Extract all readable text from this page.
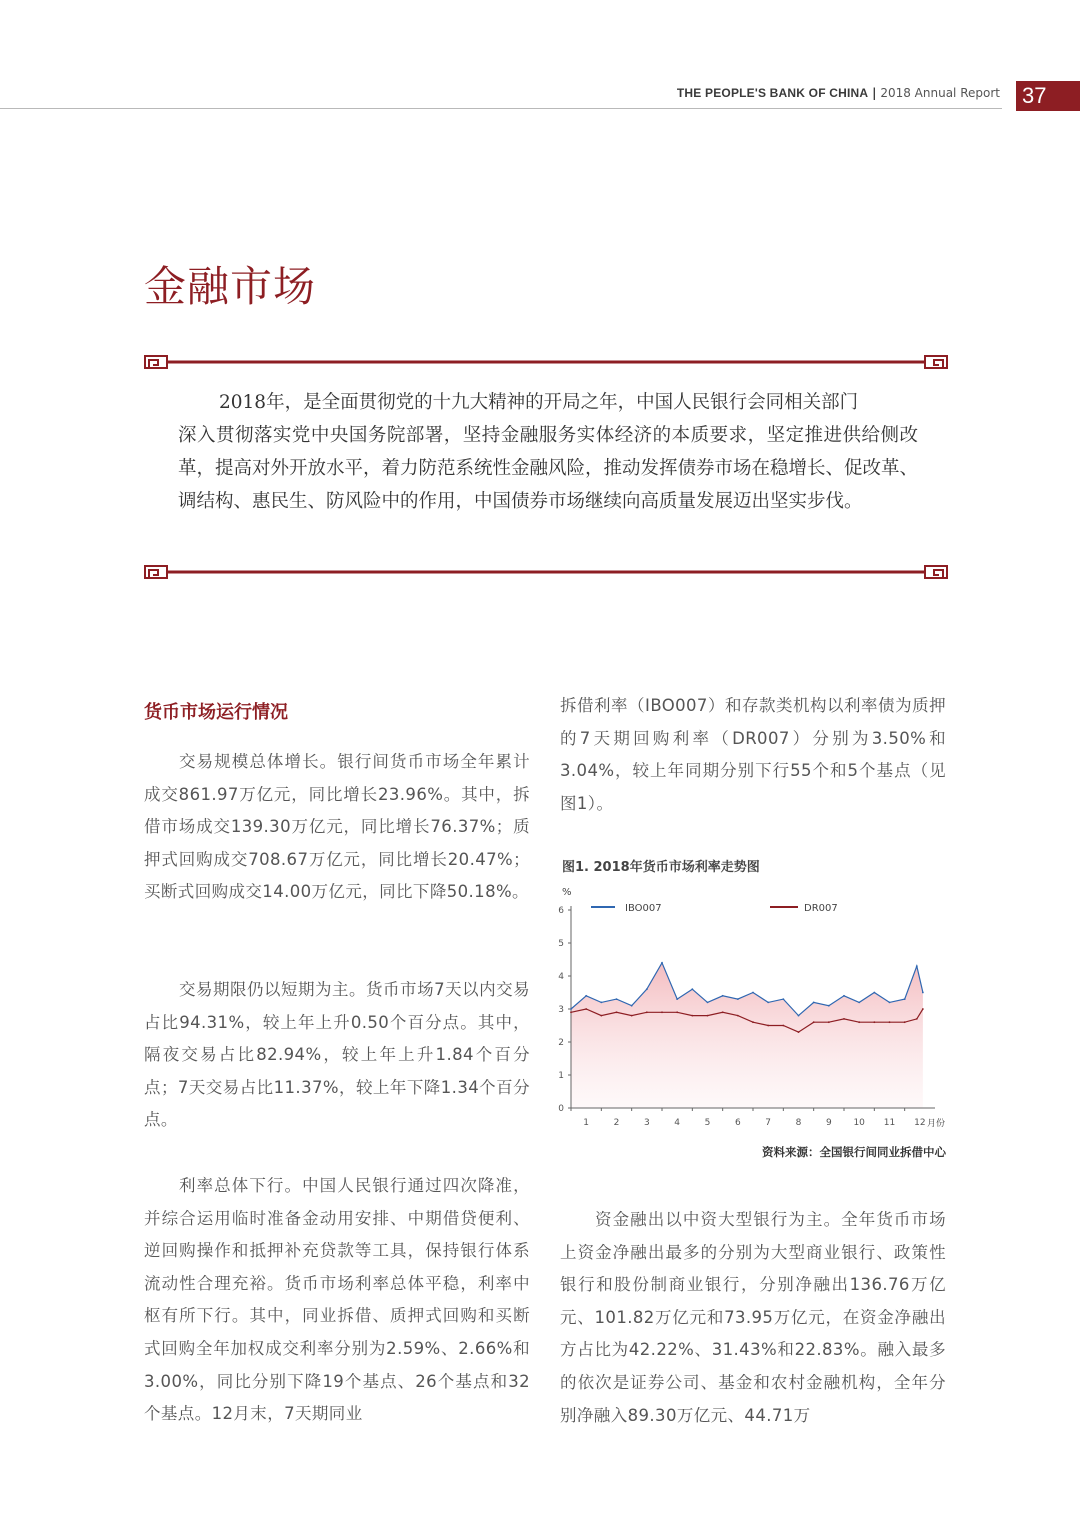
THE PEOPLE'S BANK OF CHINA | 2018 Annual Report 37
金融市场
2018年，是全面贯彻党的十九大精神的开局之年，中国人民银行会同相关部门
深入贯彻落实党中央国务院部署，坚持金融服务实体经济的本质要求，坚定推进供给侧改革，提高对外开放水平，着力防范系统性金融风险，推动发挥债券市场在稳增长、促改革、调结构、惠民生、防风险中的作用，中国债券市场继续向高质量发展迈出坚实步伐。
货币市场运行情况
交易规模总体增长。银行间货币市场全年累计成交861.97万亿元，同比增长23.96%。其中，拆借市场成交139.30万亿元，同比增长76.37%；质押式回购成交708.67万亿元，同比增长20.47%；买断式回购成交14.00万亿元，同比下降50.18%。
交易期限仍以短期为主。货币市场7天以内交易占比94.31%，较上年上升0.50个百分点。其中，隔夜交易占比82.94%，较上年上升1.84个百分点；7天交易占比11.37%，较上年下降1.34个百分点。
利率总体下行。中国人民银行通过四次降准，并综合运用临时准备金动用安排、中期借贷便利、逆回购操作和抵押补充贷款等工具，保持银行体系流动性合理充裕。货币市场利率总体平稳，利率中枢有所下行。其中，同业拆借、质押式回购和买断式回购全年加权成交利率分别为2.59%、2.66%和3.00%，同比分别下降19个基点、26个基点和32个基点。12月末，7天期同业
拆借利率（IBO007）和存款类机构以利率债为质押的7天期回购利率（DR007）分别为3.50%和3.04%，较上年同期分别下行55个和5个基点（见图1）。
图1. 2018年货币市场利率走势图
%
月份
IBO007	DR007
0
1
2
3
4
5
6
1	2	3	4	5	6	7	8	9 10 11 12
资料来源：全国银行间同业拆借中心
资金融出以中资大型银行为主。全年货币市场上资金净融出最多的分别为大型商业银行、政策性银行和股份制商业银行，分别净融出136.76万亿元、101.82万亿元和73.95万亿元，在资金净融出方占比为42.22%、31.43%和22.83%。融入最多的依次是证券公司、基金和农村金融机构，全年分别净融入89.30万亿元、44.71万
